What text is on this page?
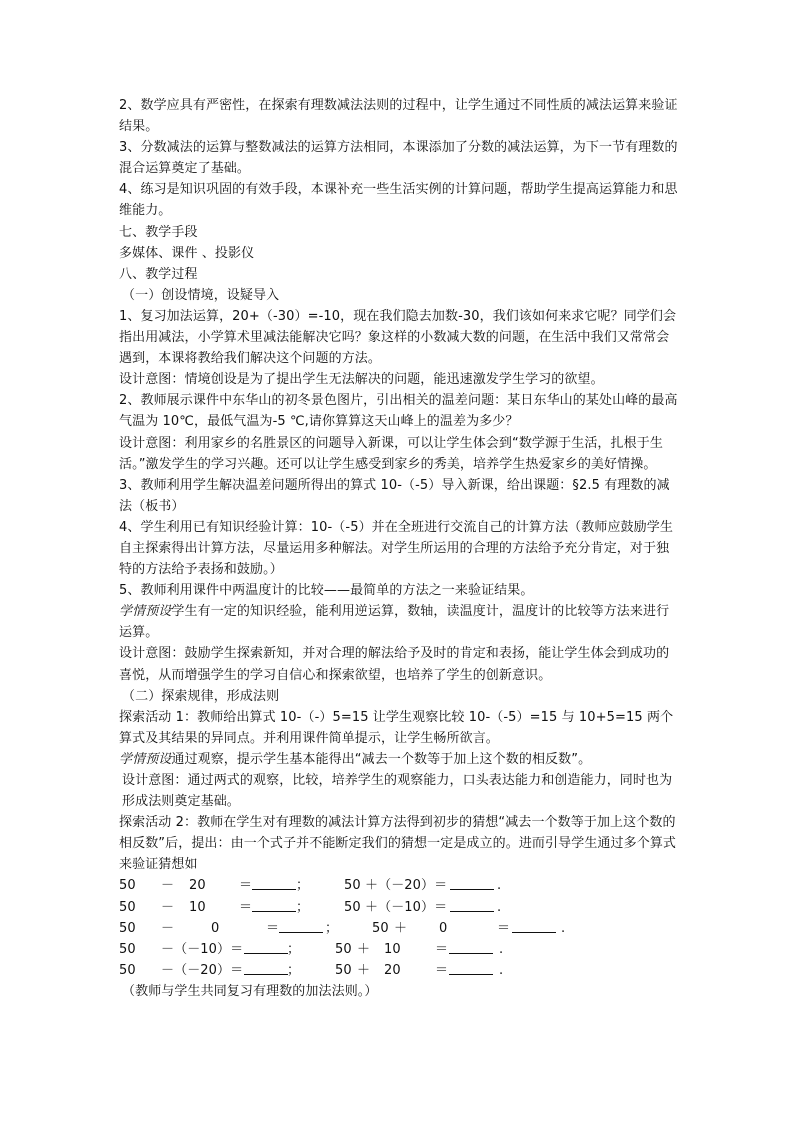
2、数学应具有严密性，在探索有理数减法法则的过程中，让学生通过不同性质的减法运算来验证结果。

3、分数减法的运算与整数减法的运算方法相同，本课添加了分数的减法运算，为下一节有理数的混合运算奠定了基础。

4、练习是知识巩固的有效手段，本课补充一些生活实例的计算问题，帮助学生提高运算能力和思维能力。

七、教学手段

多媒体、课件 、投影仪

八、教学过程

（一）创设情境，设疑导入

1、复习加法运算，20+（-30）=-10，现在我们隐去加数-30，我们该如何来求它呢？同学们会指出用减法，小学算术里减法能解决它吗？象这样的小数减大数的问题，在生活中我们又常常会遇到，本课将教给我们解决这个问题的方法。

设计意图：情境创设是为了提出学生无法解决的问题，能迅速激发学生学习的欲望。

2、教师展示课件中东华山的初冬景色图片，引出相关的温差问题：某日东华山的某处山峰的最高气温为 10℃，最低气温为-5 ℃,请你算算这天山峰上的温差为多少？

设计意图：利用家乡的名胜景区的问题导入新课，可以让学生体会到“数学源于生活，扎根于生活。”激发学生的学习兴趣。还可以让学生感受到家乡的秀美，培养学生热爱家乡的美好情操。

3、教师利用学生解决温差问题所得出的算式 10-（-5）导入新课，给出课题：§2.5 有理数的减法（板书）

4、学生利用已有知识经验计算：10-（-5）并在全班进行交流自己的计算方法（教师应鼓励学生自主探索得出计算方法，尽量运用多种解法。对学生所运用的合理的方法给予充分肯定，对于独特的方法给予表扬和鼓励。）

5、教师利用课件中两温度计的比较——最简单的方法之一来验证结果。

学情预设学生有一定的知识经验，能利用逆运算，数轴，读温度计，温度计的比较等方法来进行运算。

设计意图：鼓励学生探索新知，并对合理的解法给予及时的肯定和表扬，能让学生体会到成功的喜悦，从而增强学生的学习自信心和探索欲望，也培养了学生的创新意识。

（二）探索规律，形成法则

探索活动 1：教师给出算式 10-（-）5=15 让学生观察比较 10-（-5）=15 与 10+5=15 两个算式及其结果的异同点。并利用课件简单提示，让学生畅所欲言。

学情预设通过观察，提示学生基本能得出“减去一个数等于加上这个数的相反数”。

设计意图：通过两式的观察，比较，培养学生的观察能力，口头表达能力和创造能力，同时也为形成法则奠定基础。

探索活动 2：教师在学生对有理数的减法计算方法得到初步的猜想“减去一个数等于加上这个数的相反数”后，提出：由一个式子并不能断定我们的猜想一定是成立的。进而引导学生通过多个算式来验证猜想如

50 － 20	＝	；	50 ＋（－20）＝	.
50 － 10	＝	；	50 ＋（－10）＝	.
50 －	0	＝	；	50 ＋ 0	＝	.
50 －（－10）＝	；	50 ＋ 10	＝	.
50 －（－20）＝	；	50 ＋ 20	＝	.

（教师与学生共同复习有理数的加法法则。）
